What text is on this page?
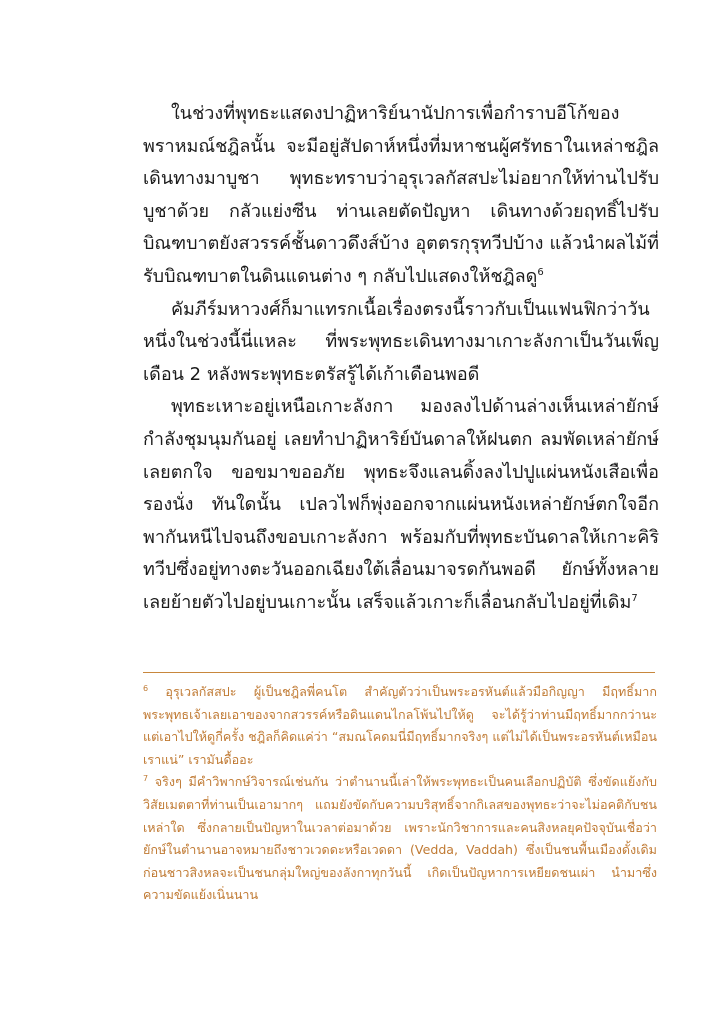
ในช่วงที่พุทธะแสดงปาฏิหาริย์นานัปการเพื่อกำราบอีโก้ของพราหมณ์ชฎิลนั้น จะมีอยู่สัปดาห์หนึ่งที่มหาชนผู้ศรัทธาในเหล่าชฎิลเดินทางมาบูชา พุทธะทราบว่าอุรุเวลกัสสปะไม่อยากให้ท่านไปรับบูชาด้วย กลัวแย่งซีน ท่านเลยตัดปัญหา เดินทางด้วยฤทธิ์ไปรับบิณฑบาตยังสวรรค์ชั้นดาวดึงส์บ้าง อุตตรกุรุทวีปบ้าง แล้วนำผลไม้ที่รับบิณฑบาตในดินแดนต่าง ๆ กลับไปแสดงให้ชฎิลดู$^6$

คัมภีร์มหาวงศ์ก็มาแทรกเนื้อเรื่องตรงนี้ราวกับเป็นแฟนฟิกว่าวันหนึ่งในช่วงนี้นี่แหละ ที่พระพุทธะเดินทางมาเกาะลังกาเป็นวันเพ็ญเดือน 2 หลังพระพุทธะตรัสรู้ได้เก้าเดือนพอดี

พุทธะเหาะอยู่เหนือเกาะลังกา มองลงไปด้านล่างเห็นเหล่ายักษ์กำลังชุมนุมกันอยู่ เลยทำปาฏิหาริย์บันดาลให้ฝนตก ลมพัดเหล่ายักษ์เลยตกใจ ขอขมาขออภัย พุทธะจึงแลนดิ้งลงไปปูแผ่นหนังเสือเพื่อรองนั่ง ทันใดนั้น เปลวไฟก็พุ่งออกจากแผ่นหนังเหล่ายักษ์ตกใจอีก พากันหนีไปจนถึงขอบเกาะลังกา พร้อมกับที่พุทธะบันดาลให้เกาะคิริทวีปซึ่งอยู่ทางตะวันออกเฉียงใต้เลื่อนมาจรดกันพอดี ยักษ์ทั้งหลายเลยย้ายตัวไปอยู่บนเกาะนั้น เสร็จแล้วเกาะก็เลื่อนกลับไปอยู่ที่เดิม$^7$

$^6$ อุรุเวลกัสสปะ ผู้เป็นชฎิลพี่คนโต สำคัญตัวว่าเป็นพระอรหันต์แล้วมือกิญญา มีฤทธิ์มาก พระพุทธเจ้าเลยเอาของจากสวรรค์หรือดินแดนไกลโพ้นไปให้ดู จะได้รู้ว่าท่านมีฤทธิ์มากกว่านะ แต่เอาไปให้ดูกี่ครั้ง ชฎิลก็คิดแค่ว่า “สมณโคดมนี่มีฤทธิ์มากจริงๆ แต่ไม่ได้เป็นพระอรหันต์เหมือนเราแน่” เรามันดื้ออะ

$^7$ จริงๆ มีคำวิพากษ์วิจารณ์เช่นกัน ว่าตำนานนี้เล่าให้พระพุทธะเป็นคนเลือกปฏิบัติ ซึ่งขัดแย้งกับวิสัยเมตตาที่ท่านเป็นเอามากๆ แถมยังขัดกับความบริสุทธิ์จากกิเลสของพุทธะว่าจะไม่อคติกับชนเหล่าใด ซึ่งกลายเป็นปัญหาในเวลาต่อมาด้วย เพราะนักวิชาการและคนสิงหลยุคปัจจุบันเชื่อว่า ยักษ์ในตำนานอาจหมายถึงชาวเวดดะหรือเวดดา (Vedda, Vaddah) ซึ่งเป็นชนพื้นเมืองดั้งเดิม ก่อนชาวสิงหลจะเป็นชนกลุ่มใหญ่ของลังกาทุกวันนี้ เกิดเป็นปัญหาการเหยียดชนเผ่า นำมาซึ่งความขัดแย้งเนิ่นนาน
